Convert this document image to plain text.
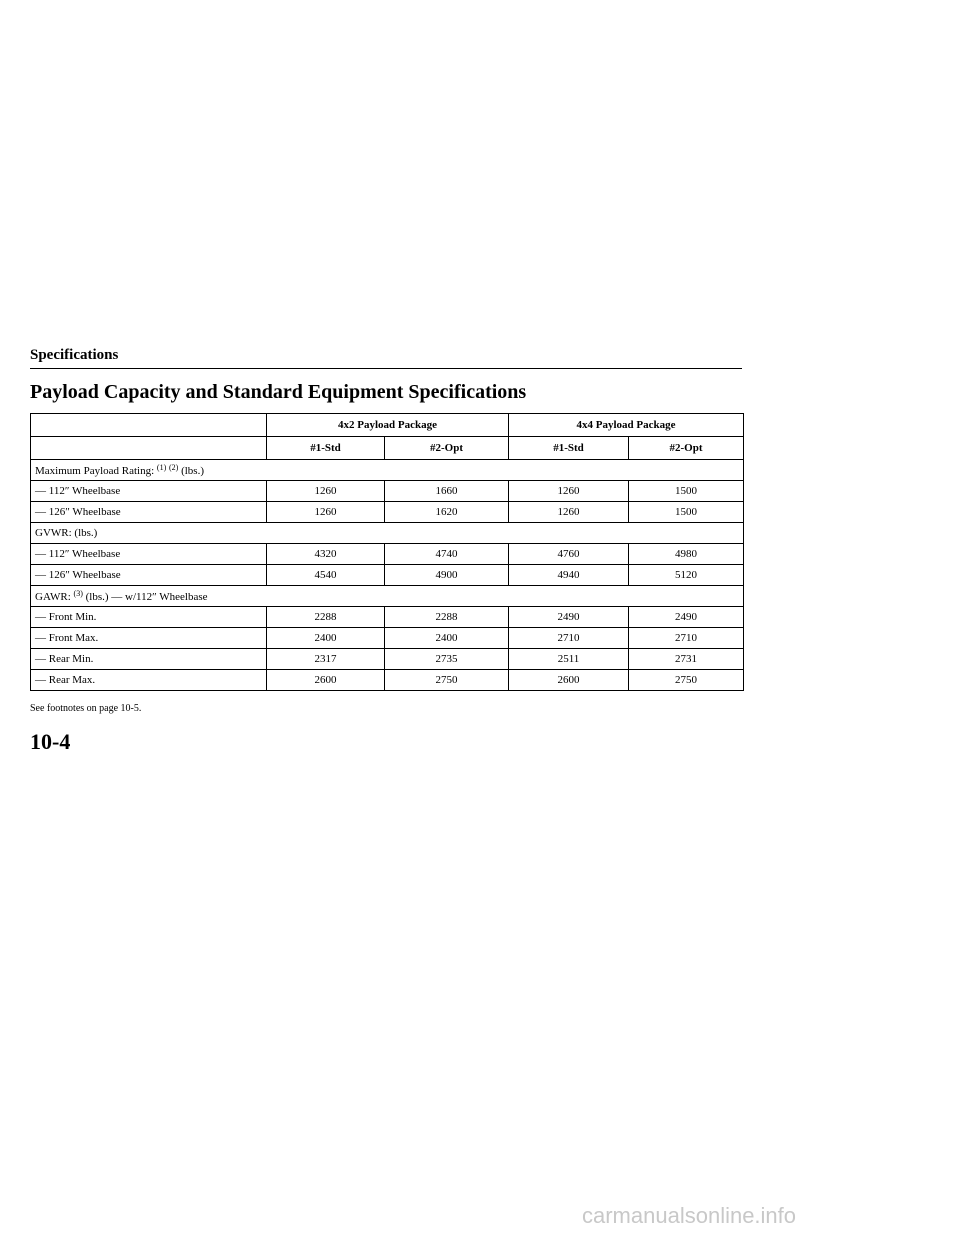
Specifications
Payload Capacity and Standard Equipment Specifications
	4x2 Payload Package		4x4 Payload Package	
	#1-Std	#2-Opt	#1-Std	#2-Opt
Maximum Payload Rating: $^{(1)}$ $^{(2)}$ (lbs.)				
— 112″ Wheelbase	1260	1660	1260	1500
— 126″ Wheelbase	1260	1620	1260	1500
GVWR: (lbs.)				
— 112″ Wheelbase	4320	4740	4760	4980
— 126″ Wheelbase	4540	4900	4940	5120
GAWR: $^{(3)}$ (lbs.) — w/112″ Wheelbase				
— Front Min.	2288	2288	2490	2490
— Front Max.	2400	2400	2710	2710
— Rear Min.	2317	2735	2511	2731
— Rear Max.	2600	2750	2600	2750
See footnotes on page 10-5.
10-4
carmanualsonline.info
